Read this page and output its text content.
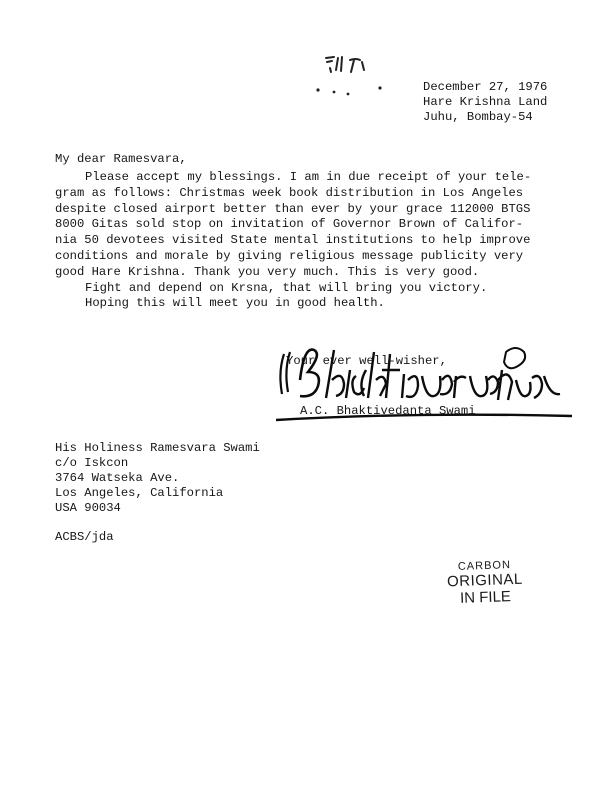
December 27, 1976
Hare Krishna Land
Juhu, Bombay-54
My dear Ramesvara,

Please accept my blessings. I am in due receipt of your tele-

gram as follows: Christmas week book distribution in Los Angeles

despite closed airport better than ever by your grace 112000 BTGS

8000 Gitas sold stop on invitation of Governor Brown of Califor-

nia 50 devotees visited State mental institutions to help improve

conditions and morale by giving religious message publicity very

good Hare Krishna. Thank you very much. This is very good.

Fight and depend on Krsna, that will bring you victory.

Hoping this will meet you in good health.

Your ever well-wisher,
A.C. Bhaktivedanta Swami
His Holiness Ramesvara Swami
c/o Iskcon
3764 Watseka Ave.
Los Angeles, California
USA 90034
ACBS/jda
CARBON
ORIGINAL
IN FILE
